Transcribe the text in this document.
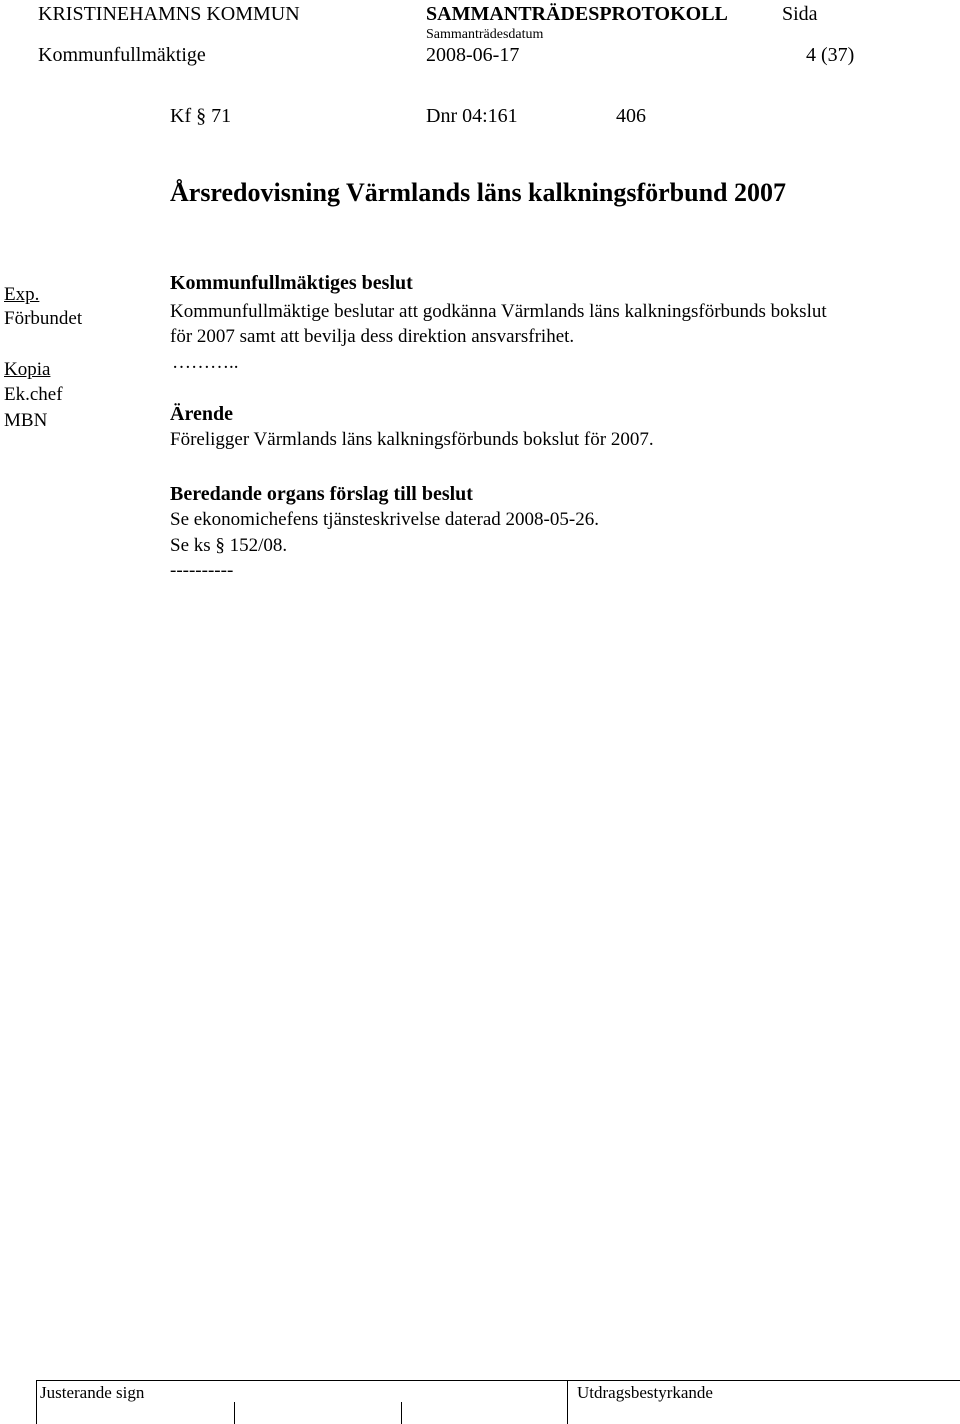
KRISTINEHAMNS KOMMUN	SAMMANTRÄDESPROTOKOLL
Sammanträdesdatum
Sida
Kommunfullmäktige	2008-06-17	4 (37)
Kf § 71	Dnr 04:161	406
Årsredovisning Värmlands läns kalkningsförbund 2007
Exp.
Förbundet
Kopia
Ek.chef
MBN
Kommunfullmäktiges beslut
Kommunfullmäktige beslutar att godkänna Värmlands läns kalkningsförbunds bokslut
för 2007 samt att bevilja dess direktion ansvarsfrihet.
………..
Ärende
Föreligger Värmlands läns kalkningsförbunds bokslut för 2007.
Beredande organs förslag till beslut
Se ekonomichefens tjänsteskrivelse daterad 2008-05-26.
Se ks § 152/08.
----------
Justerande sign	Utdragsbestyrkande
